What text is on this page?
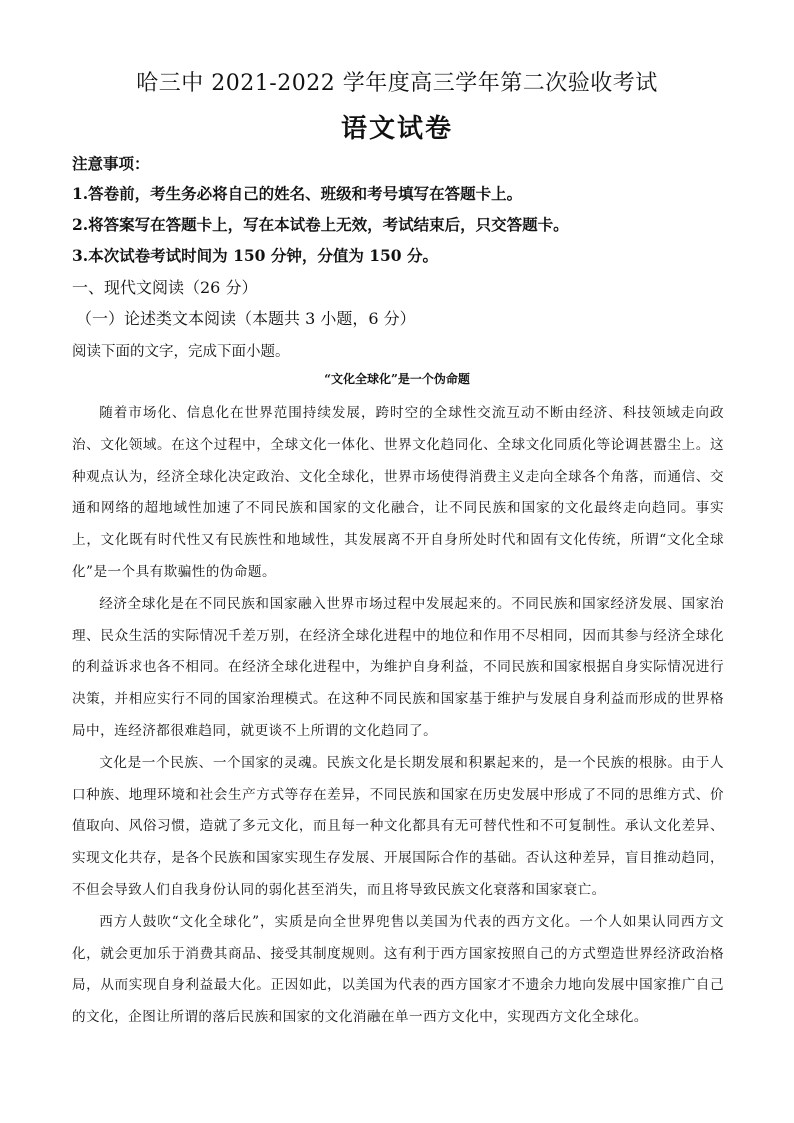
哈三中 2021-2022 学年度高三学年第二次验收考试
语文试卷
注意事项：
1.答卷前，考生务必将自己的姓名、班级和考号填写在答题卡上。
2.将答案写在答题卡上，写在本试卷上无效，考试结束后，只交答题卡。
3.本次试卷考试时间为 150 分钟，分值为 150 分。
一、现代文阅读（26 分）
（一）论述类文本阅读（本题共 3 小题，6 分）
阅读下面的文字，完成下面小题。
“文化全球化”是一个伪命题

随着市场化、信息化在世界范围持续发展，跨时空的全球性交流互动不断由经济、科技领域走向政治、文化领域。在这个过程中，全球文化一体化、世界文化趋同化、全球文化同质化等论调甚嚣尘上。这种观点认为，经济全球化决定政治、文化全球化，世界市场使得消费主义走向全球各个角落，而通信、交通和网络的超地域性加速了不同民族和国家的文化融合，让不同民族和国家的文化最终走向趋同。事实上，文化既有时代性又有民族性和地域性，其发展离不开自身所处时代和固有文化传统，所谓“文化全球化”是一个具有欺骗性的伪命题。

经济全球化是在不同民族和国家融入世界市场过程中发展起来的。不同民族和国家经济发展、国家治理、民众生活的实际情况千差万别，在经济全球化进程中的地位和作用不尽相同，因而其参与经济全球化的利益诉求也各不相同。在经济全球化进程中，为维护自身利益，不同民族和国家根据自身实际情况进行决策，并相应实行不同的国家治理模式。在这种不同民族和国家基于维护与发展自身利益而形成的世界格局中，连经济都很难趋同，就更谈不上所谓的文化趋同了。

文化是一个民族、一个国家的灵魂。民族文化是长期发展和积累起来的，是一个民族的根脉。由于人口种族、地理环境和社会生产方式等存在差异，不同民族和国家在历史发展中形成了不同的思维方式、价值取向、风俗习惯，造就了多元文化，而且每一种文化都具有无可替代性和不可复制性。承认文化差异、实现文化共存，是各个民族和国家实现生存发展、开展国际合作的基础。否认这种差异，盲目推动趋同，不但会导致人们自我身份认同的弱化甚至消失，而且将导致民族文化衰落和国家衰亡。

西方人鼓吹“文化全球化”，实质是向全世界兜售以美国为代表的西方文化。一个人如果认同西方文化，就会更加乐于消费其商品、接受其制度规则。这有利于西方国家按照自己的方式塑造世界经济政治格局，从而实现自身利益最大化。正因如此，以美国为代表的西方国家才不遗余力地向发展中国家推广自己的文化，企图让所谓的落后民族和国家的文化消融在单一西方文化中，实现西方文化全球化。
